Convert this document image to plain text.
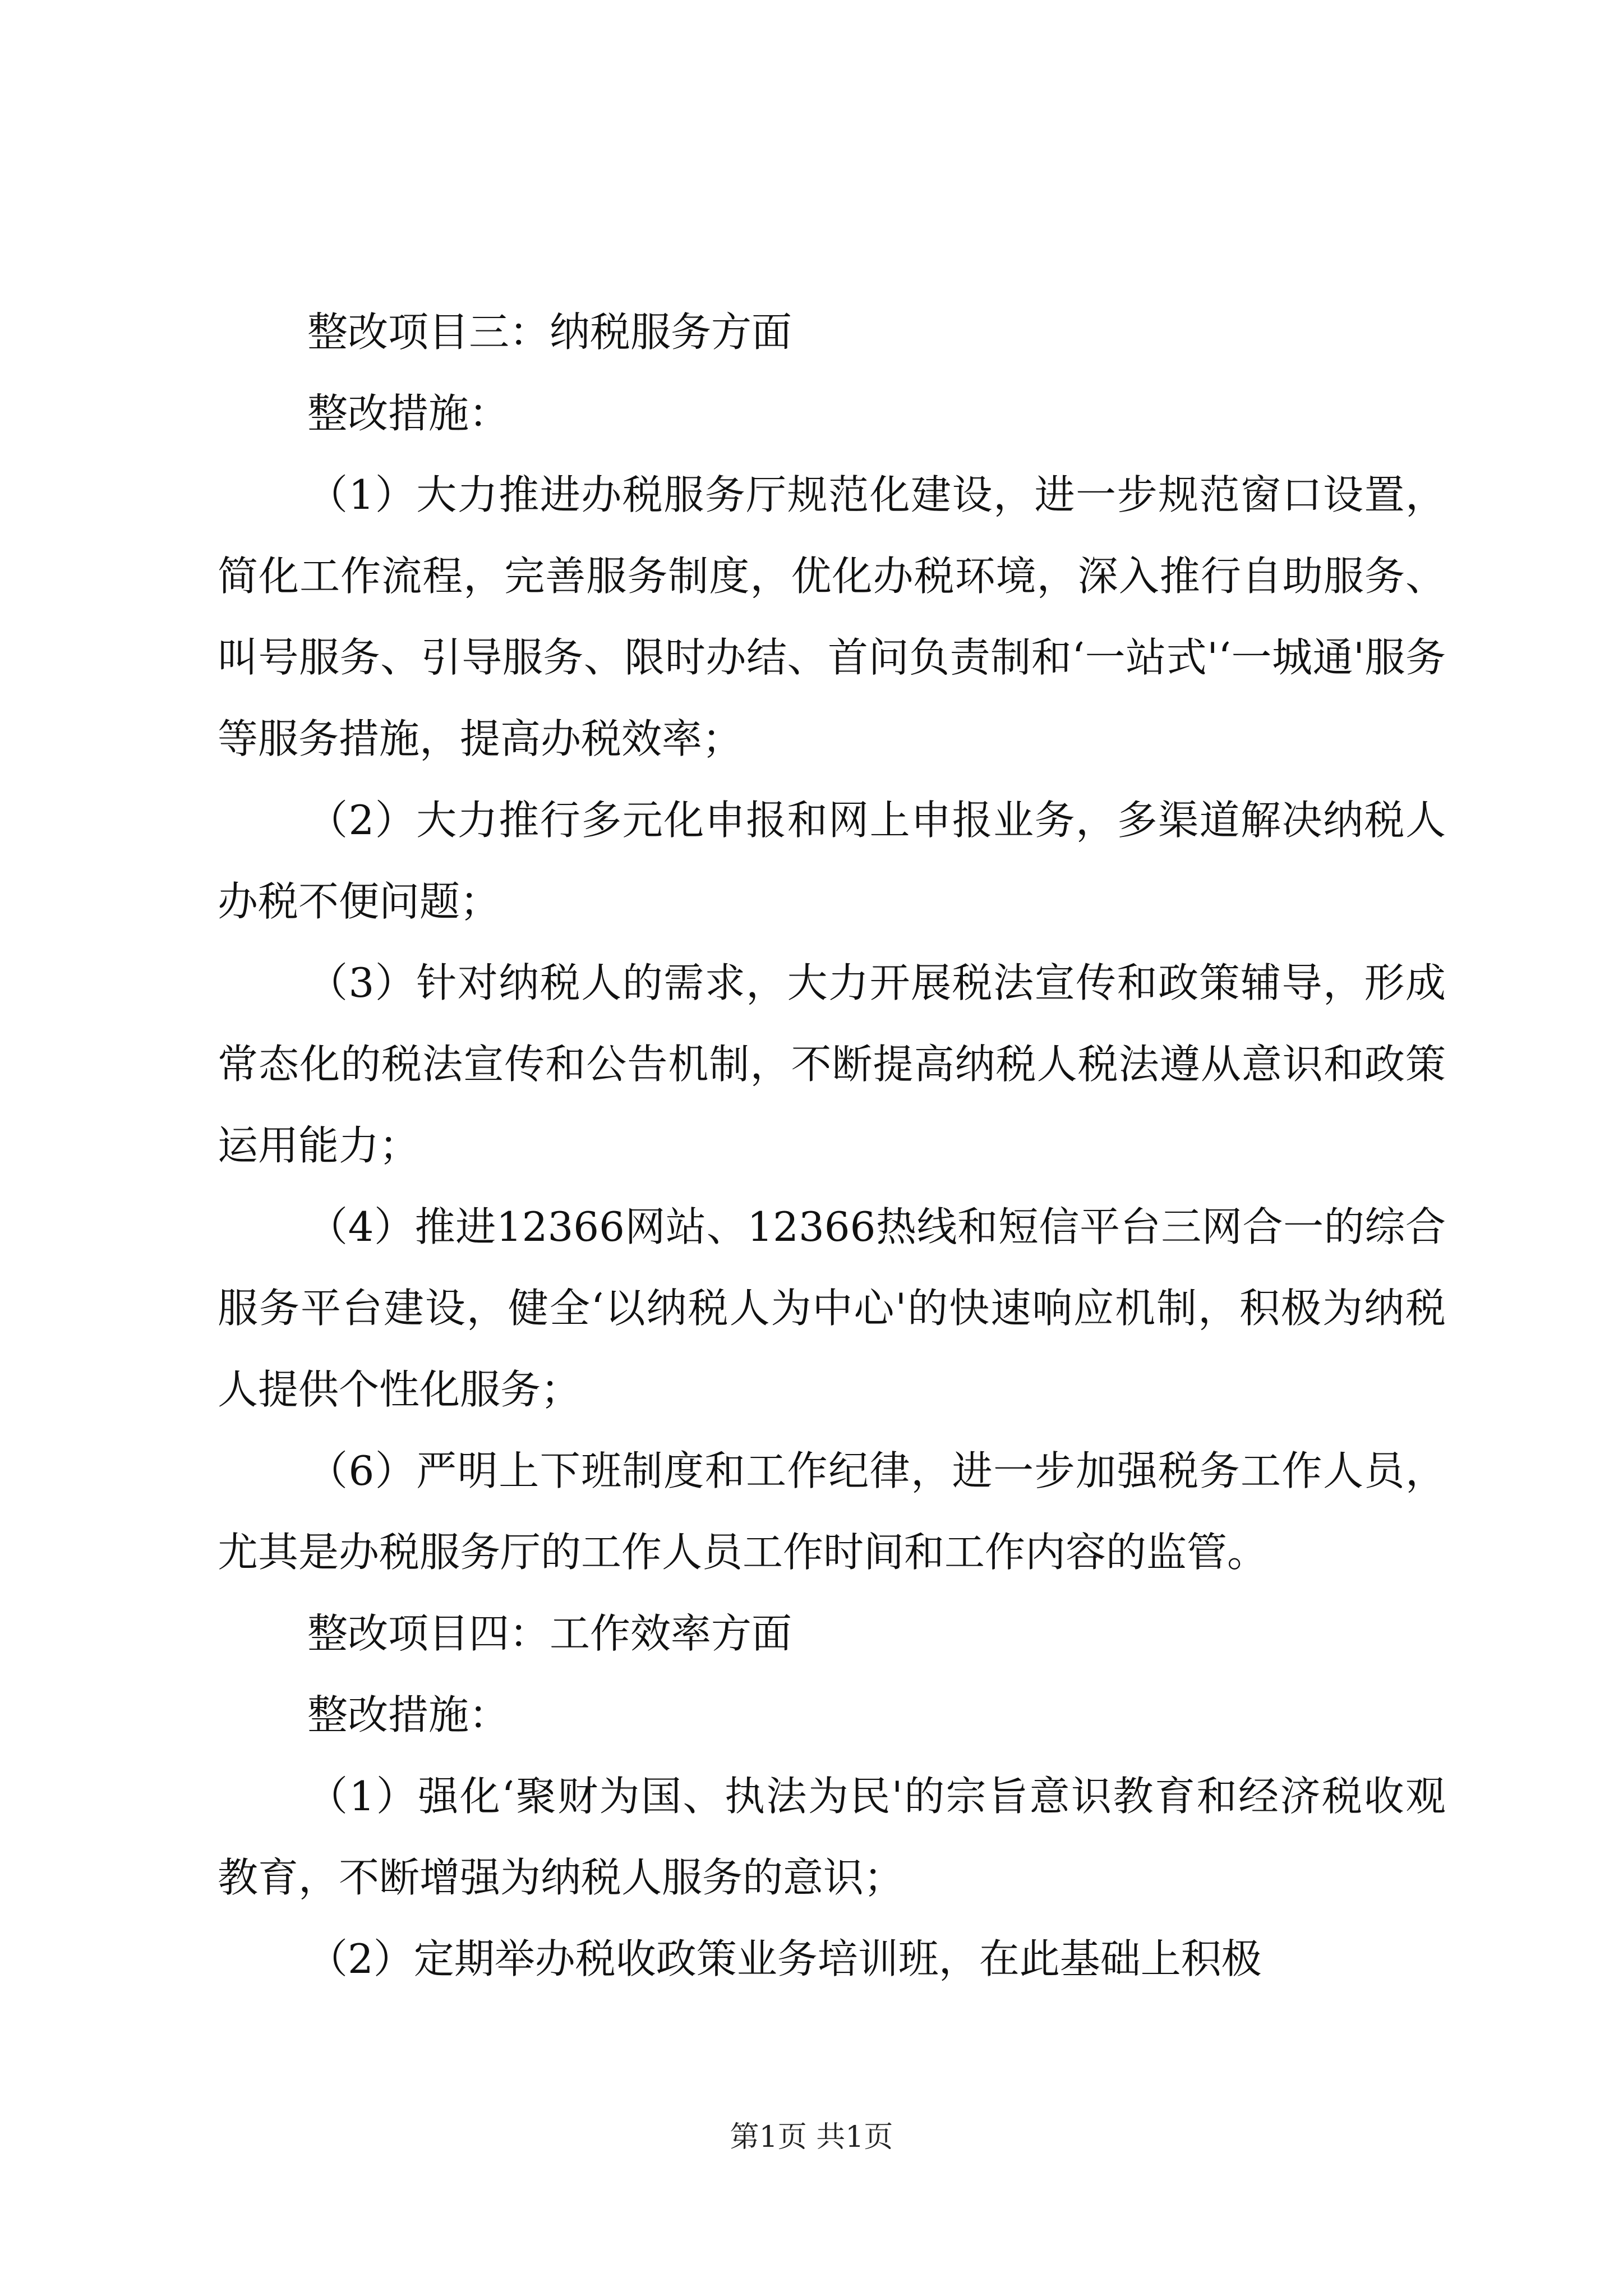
整改项目三：纳税服务方面

整改措施：

（1）大力推进办税服务厅规范化建设，进一步规范窗口设置，简化工作流程，完善服务制度，优化办税环境，深入推行自助服务、叫号服务、引导服务、限时办结、首问负责制和‘一站式'‘一城通'服务等服务措施，提高办税效率；

（2）大力推行多元化申报和网上申报业务，多渠道解决纳税人办税不便问题；

（3）针对纳税人的需求，大力开展税法宣传和政策辅导，形成常态化的税法宣传和公告机制，不断提高纳税人税法遵从意识和政策运用能力；

（4）推进12366网站、12366热线和短信平台三网合一的综合服务平台建设，健全‘以纳税人为中心'的快速响应机制，积极为纳税人提供个性化服务；

（6）严明上下班制度和工作纪律，进一步加强税务工作人员，尤其是办税服务厅的工作人员工作时间和工作内容的监管。

整改项目四：工作效率方面

整改措施：

（1）强化‘聚财为国、执法为民'的宗旨意识教育和经济税收观教育，不断增强为纳税人服务的意识；

（2）定期举办税收政策业务培训班，在此基础上积极

第1页 共1页
